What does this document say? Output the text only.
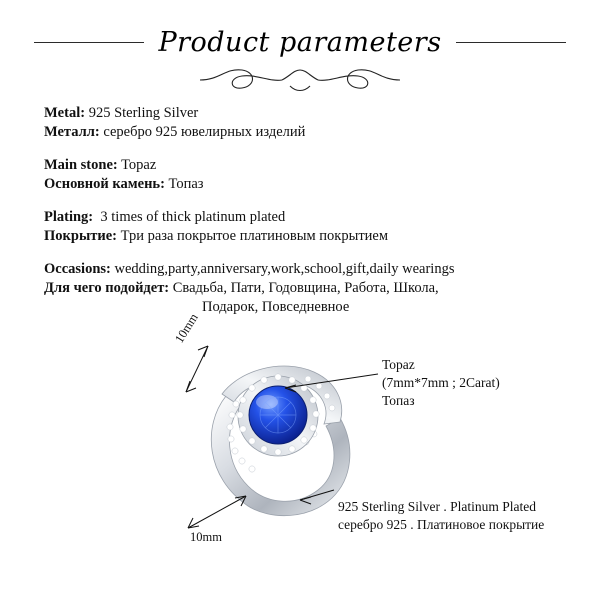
Product parameters
Metal: 925 Sterling Silver
Металл: серебро 925 ювелирных изделий
Main stone: Topaz
Основной камень: Топаз
Plating:  3 times of thick platinum plated
Покрытие: Три раза покрытое платиновым покрытием
Occasions: wedding,party,anniversary,work,school,gift,daily wearings
Для чего подойдет: Свадьба, Пати, Годовщина, Работа, Школа,
Подарок, Повседневное
10mm
10mm
Topaz
(7mm*7mm ; 2Carat)
Топаз
925 Sterling Silver . Platinum Plated
серебро 925 . Платиновое покрытие
